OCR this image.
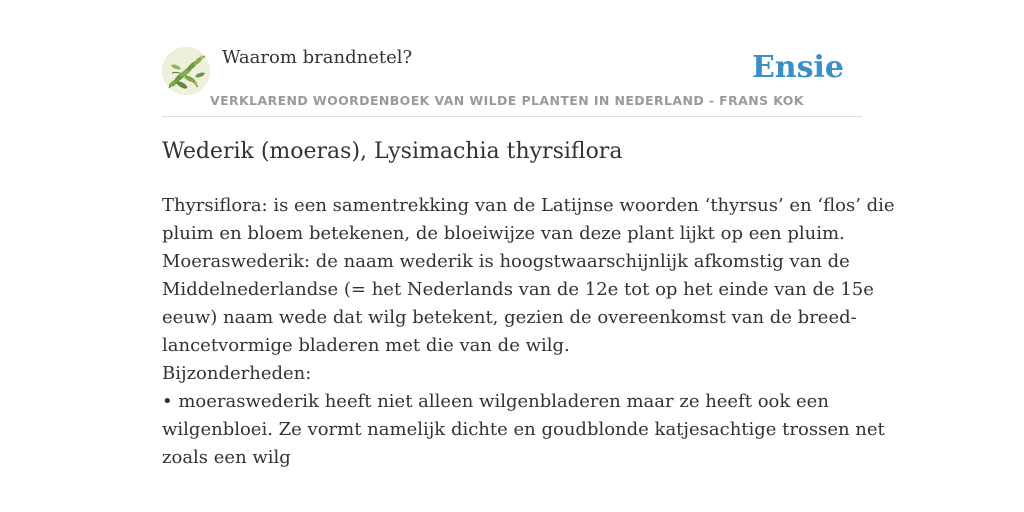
Waarom brandnetel?
VERKLAREND WOORDENBOEK VAN WILDE PLANTEN IN NEDERLAND - FRANS KOK
Ensie
Wederik (moeras), Lysimachia thyrsiflora
Thyrsiflora: is een samentrekking van de Latijnse woorden ‘thyrsus’ en ‘flos’ die
pluim en bloem betekenen, de bloeiwijze van deze plant lijkt op een pluim.
Moeraswederik: de naam wederik is hoogstwaarschijnlijk afkomstig van de
Middelnederlandse (= het Nederlands van de 12e tot op het einde van de 15e
eeuw) naam wede dat wilg betekent, gezien de overeenkomst van de breed-
lancetvormige bladeren met die van de wilg.
Bijzonderheden:
• moeraswederik heeft niet alleen wilgenbladeren maar ze heeft ook een
wilgenbloei. Ze vormt namelijk dichte en goudblonde katjesachtige trossen net
zoals een wilg
